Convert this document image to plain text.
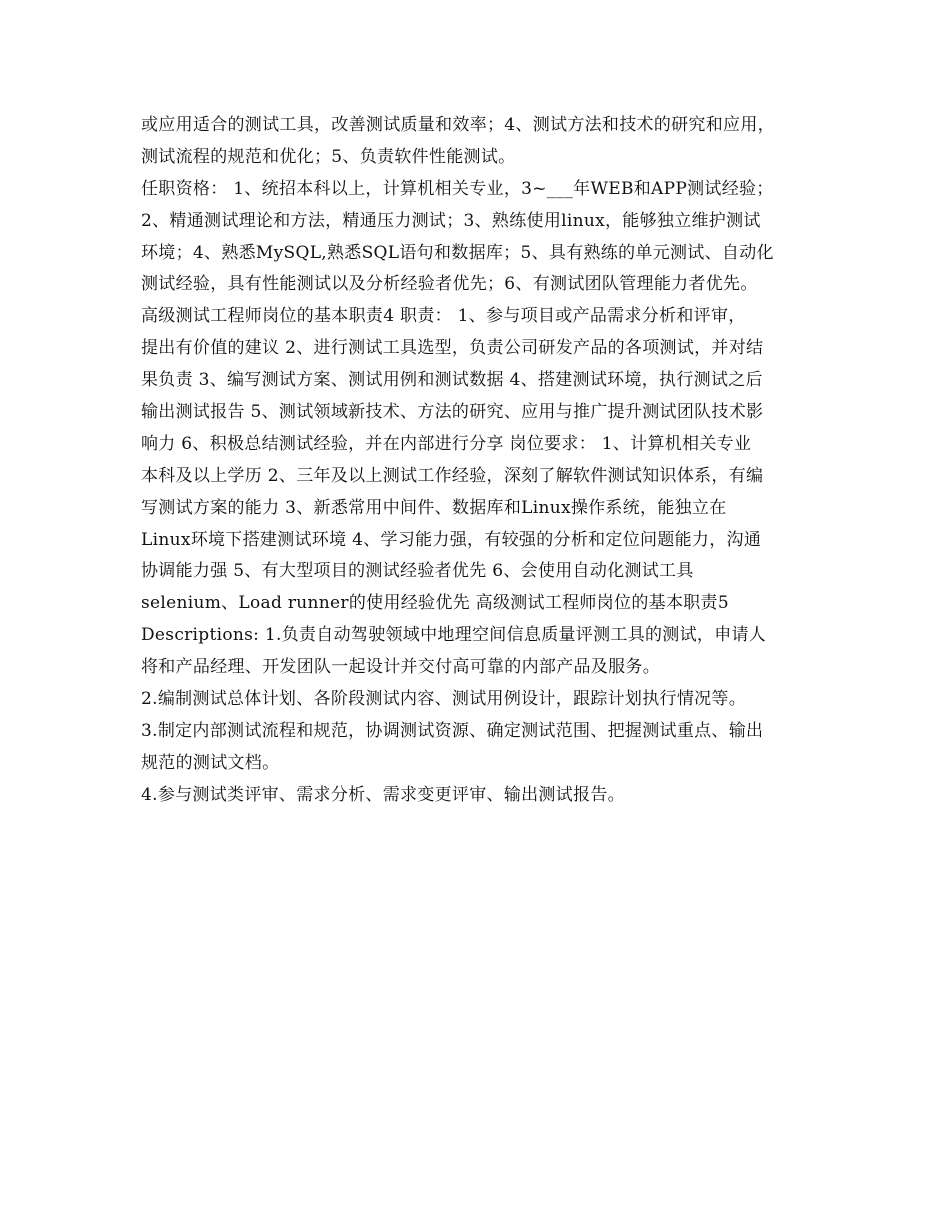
或应用适合的测试工具，改善测试质量和效率；4、测试方法和技术的研究和应用，
测试流程的规范和优化；5、负责软件性能测试。
任职资格： 1、统招本科以上，计算机相关专业，3~___年WEB和APP测试经验；
2、精通测试理论和方法，精通压力测试；3、熟练使用linux，能够独立维护测试
环境；4、熟悉MySQL,熟悉SQL语句和数据库；5、具有熟练的单元测试、自动化
测试经验，具有性能测试以及分析经验者优先；6、有测试团队管理能力者优先。
高级测试工程师岗位的基本职责4 职责： 1、参与项目或产品需求分析和评审，
提出有价值的建议 2、进行测试工具选型，负责公司研发产品的各项测试，并对结
果负责 3、编写测试方案、测试用例和测试数据 4、搭建测试环境，执行测试之后
输出测试报告 5、测试领域新技术、方法的研究、应用与推广提升测试团队技术影
响力 6、积极总结测试经验，并在内部进行分享 岗位要求： 1、计算机相关专业
本科及以上学历 2、三年及以上测试工作经验，深刻了解软件测试知识体系，有编
写测试方案的能力 3、新悉常用中间件、数据库和Linux操作系统，能独立在
Linux环境下搭建测试环境 4、学习能力强，有较强的分析和定位问题能力，沟通
协调能力强 5、有大型项目的测试经验者优先 6、会使用自动化测试工具
selenium、Load runner的使用经验优先 高级测试工程师岗位的基本职责5
Descriptions: 1.负责自动驾驶领域中地理空间信息质量评测工具的测试，申请人
将和产品经理、开发团队一起设计并交付高可靠的内部产品及服务。
2.编制测试总体计划、各阶段测试内容、测试用例设计，跟踪计划执行情况等。
3.制定内部测试流程和规范，协调测试资源、确定测试范围、把握测试重点、输出
规范的测试文档。
4.参与测试类评审、需求分析、需求变更评审、输出测试报告。
